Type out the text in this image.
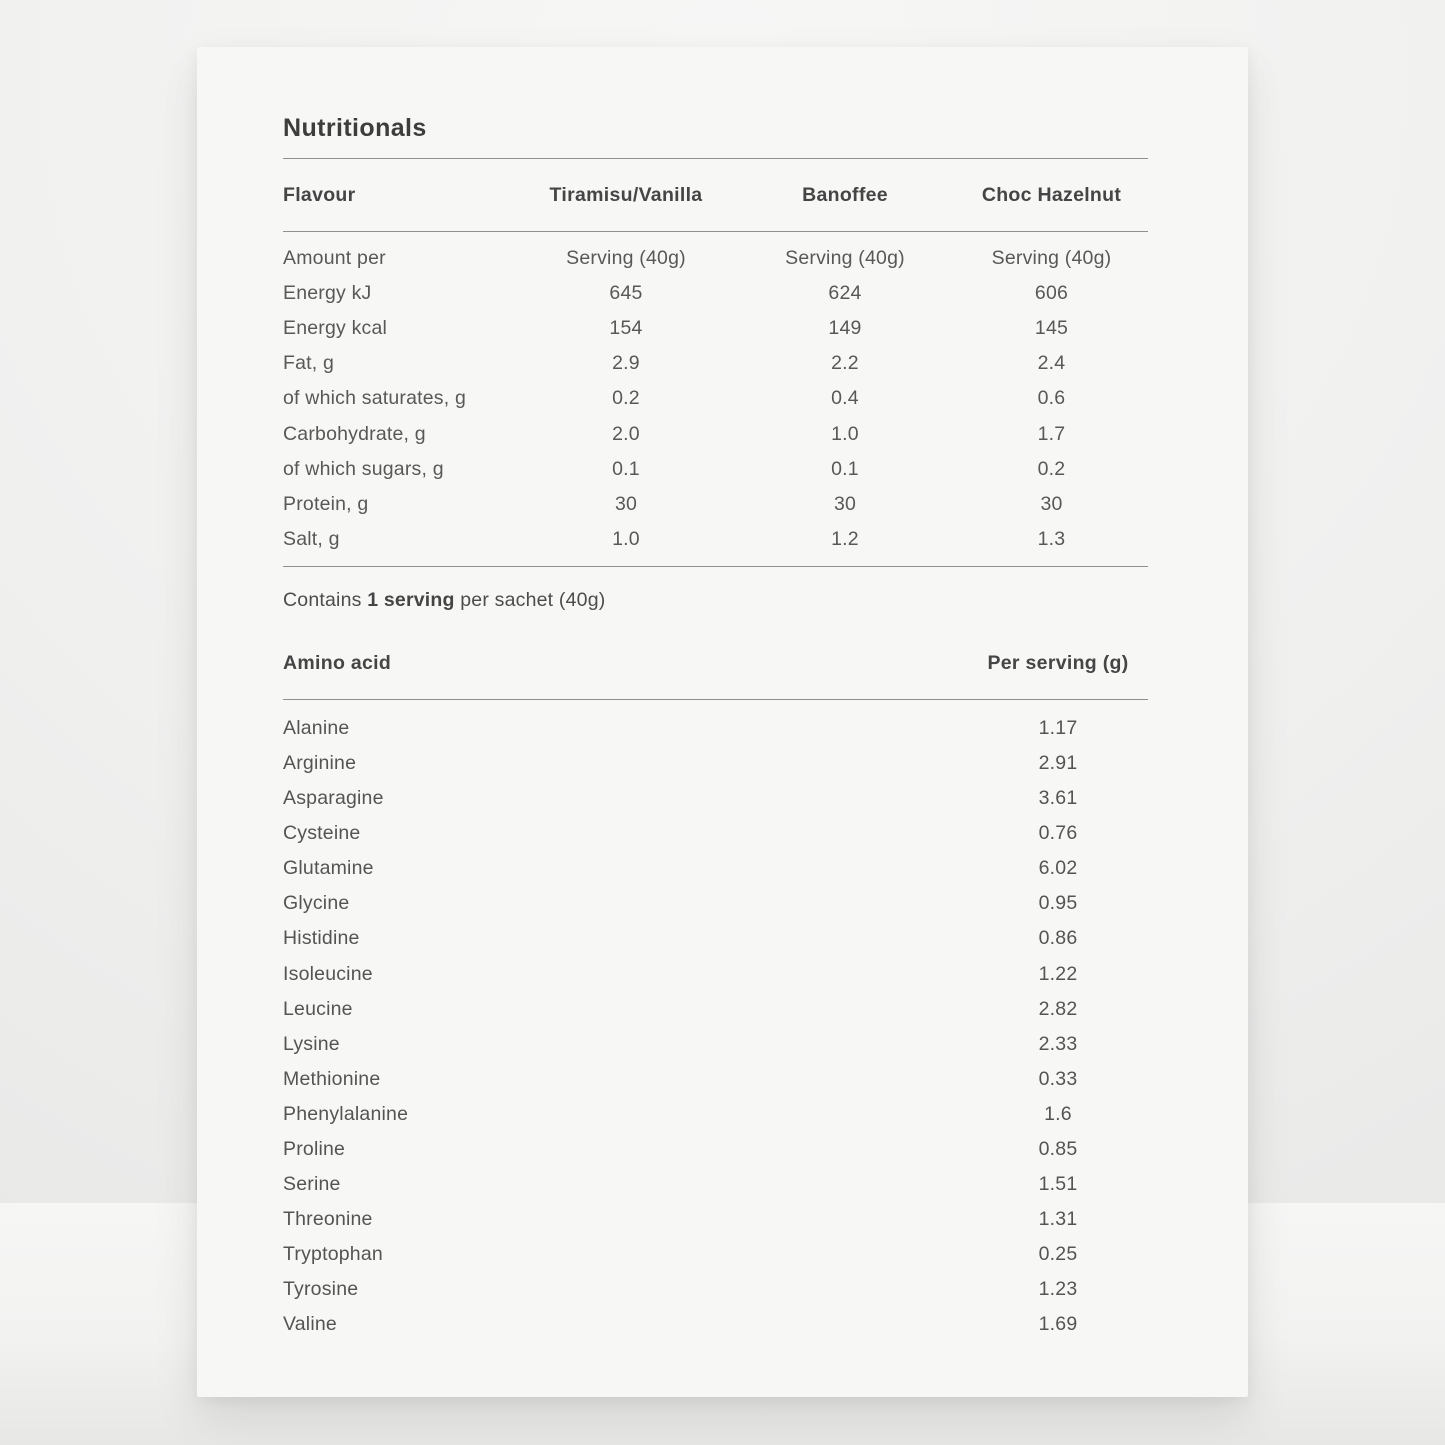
Nutritionals
Flavour	Tiramisu/Vanilla	Banoffee	Choc Hazelnut
Amount per	Serving (40g)	Serving (40g)	Serving (40g)
Energy kJ	645	624	606
Energy kcal	154	149	145
Fat, g	2.9	2.2	2.4
of which saturates, g	0.2	0.4	0.6
Carbohydrate, g	2.0	1.0	1.7
of which sugars, g	0.1	0.1	0.2
Protein, g	30	30	30
Salt, g	1.0	1.2	1.3

Contains 1 serving per sachet (40g)

Amino acid	Per serving (g)
Alanine	1.17
Arginine	2.91
Asparagine	3.61
Cysteine	0.76
Glutamine	6.02
Glycine	0.95
Histidine	0.86
Isoleucine	1.22
Leucine	2.82
Lysine	2.33
Methionine	0.33
Phenylalanine	1.6
Proline	0.85
Serine	1.51
Threonine	1.31
Tryptophan	0.25
Tyrosine	1.23
Valine	1.69
